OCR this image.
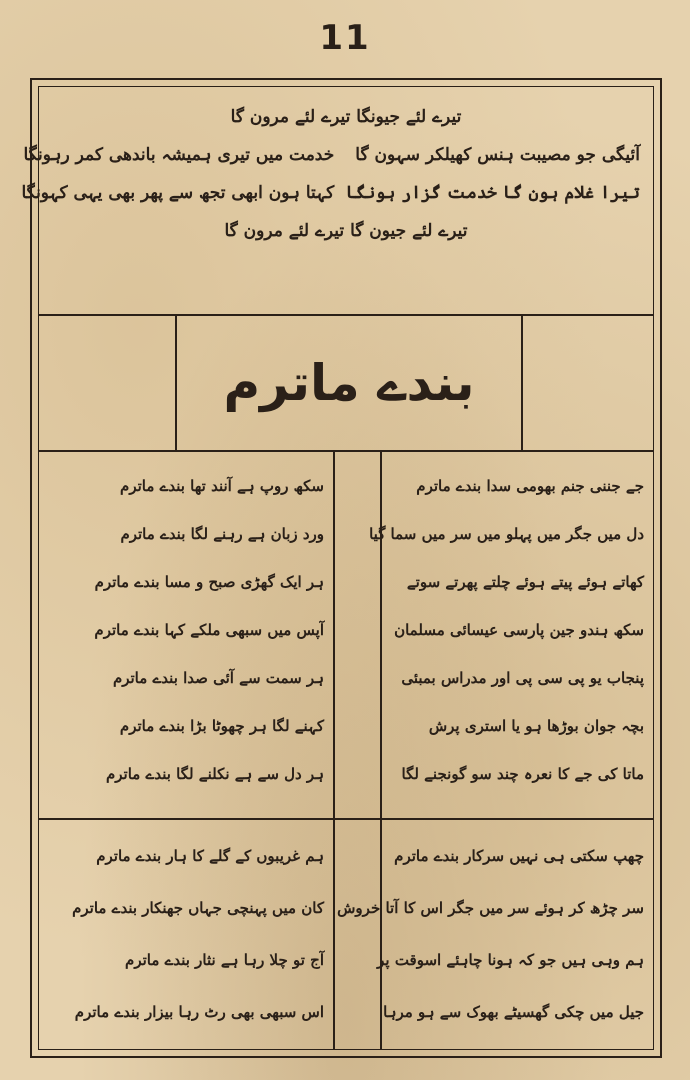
11
تیرے لئے جیونگا تیرے لئے مرون گا
آئیگی جو مصیبت ہنس کھیلکر سہون گا
خدمت میں تیری ہمیشہ باندھی کمر رہونگا
تیرا غلام ہون گا خدمت گزار ہونگا
کہتا ہون ابھی تجھ سے پھر بھی یہی کہونگا
تیرے لئے جیون گا تیرے لئے مرون گا
بندے ماترم
جے جننی جنم بھومی سدا بندے ماترم
دل میں جگر میں پہلو میں سر میں سما گیا
کھاتے ہوئے پیتے ہوئے چلتے پھرتے سوتے
سکھ ہندو جین پارسی عیسائی مسلمان
پنجاب یو پی سی پی اور مدراس بمبئی
بچہ جوان بوڑھا ہو یا استری پرش
ماتا کی جے کا نعرہ چند سو گونجنے لگا
سکھ روپ ہے آنند تھا بندے ماترم
ورد زبان ہے رہنے لگا بندے ماترم
ہر ایک گھڑی صبح و مسا بندے ماترم
آپس میں سبھی ملکے کہا بندے ماترم
ہر سمت سے آئی صدا بندے ماترم
کہنے لگا ہر چھوٹا بڑا بندے ماترم
ہر دل سے ہے نکلنے لگا بندے ماترم
چھپ سکتی ہی نہیں سرکار بندے ماترم
سر چڑھ کر ہوئے سر میں جگر اس کا آتا خروش
ہم وہی ہیں جو کہ ہونا چاہئے اسوقت پر
جیل میں چکی گھسیٹے بھوک سے ہو مرہا
ہم غریبوں کے گلے کا ہار بندے ماترم
کان میں پہنچی جہاں جھنکار بندے ماترم
آج تو چلا رہا ہے نثار بندے ماترم
اس سبھی بھی رٹ رہا بیزار بندے ماترم
